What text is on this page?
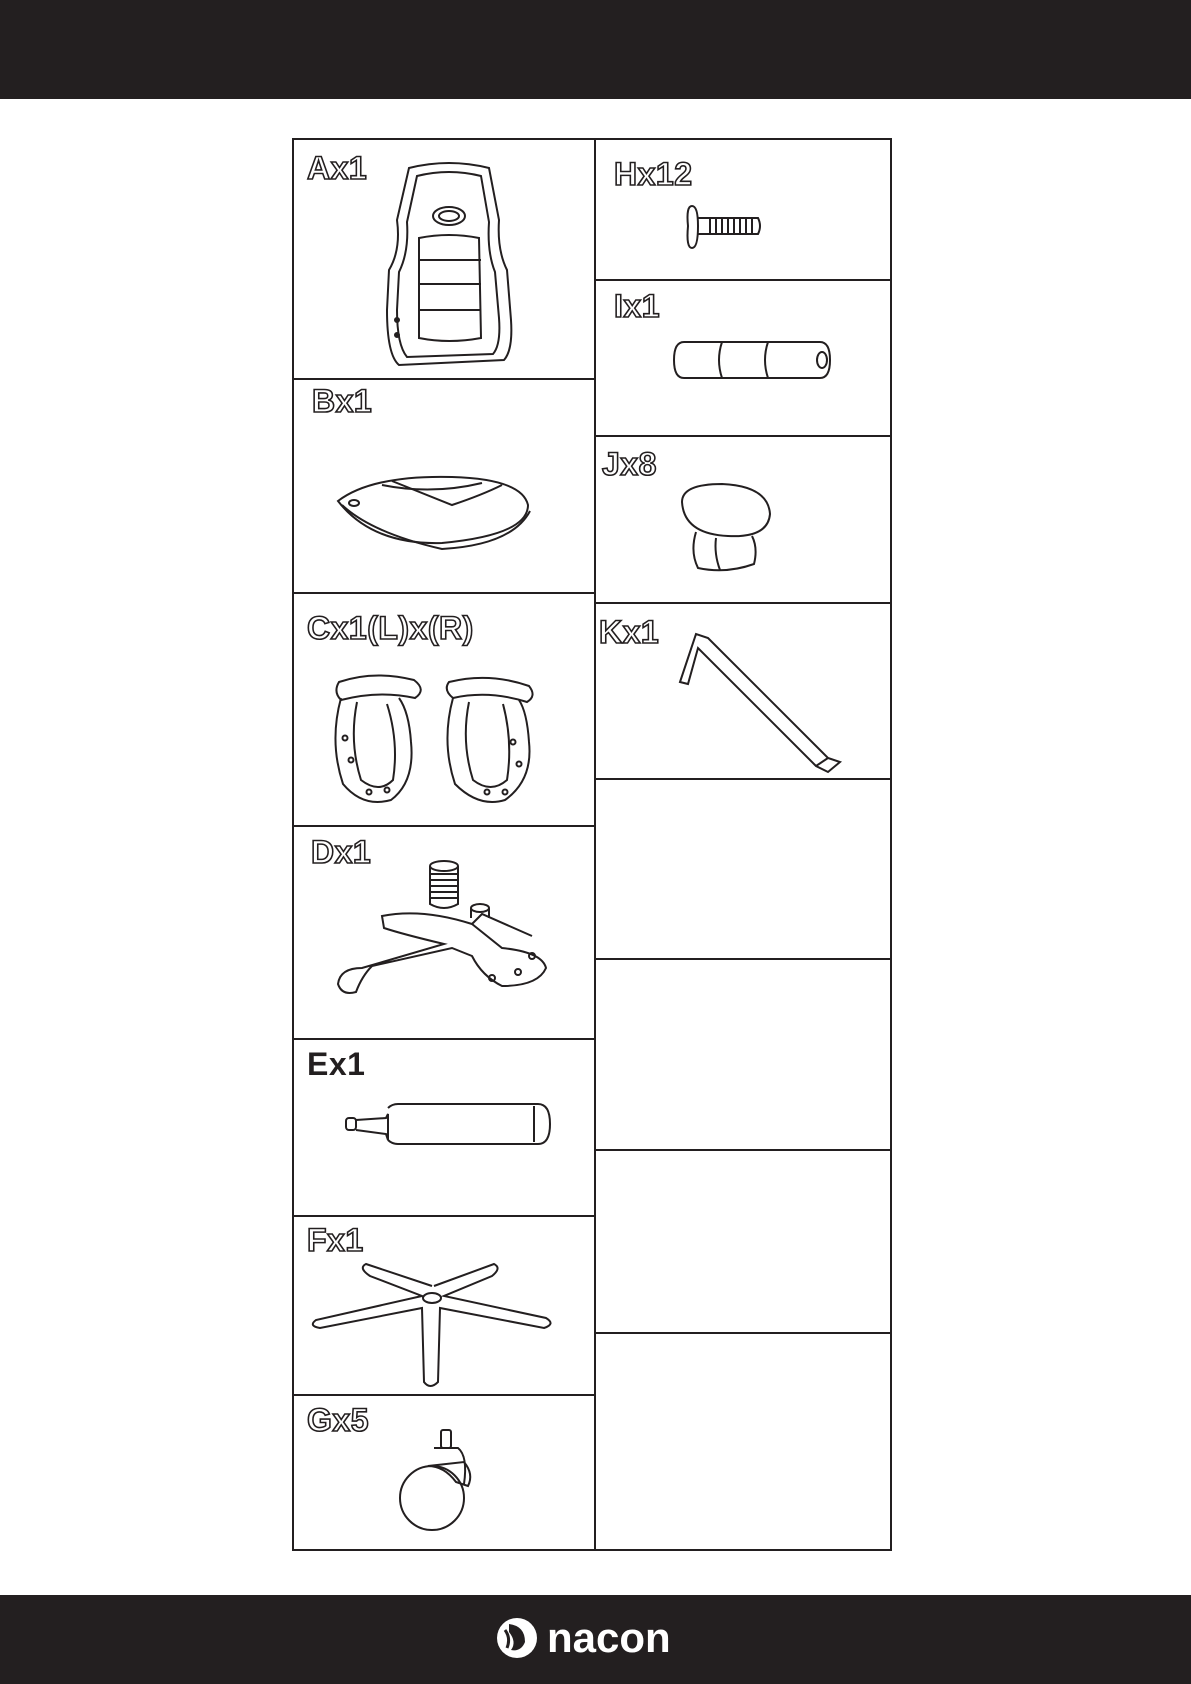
Ax1
Bx1
Cx1(L)x(R)
Dx1
Ex1
Fx1
Gx5
Hx12
Ix1
Jx8
Kx1
nacon
